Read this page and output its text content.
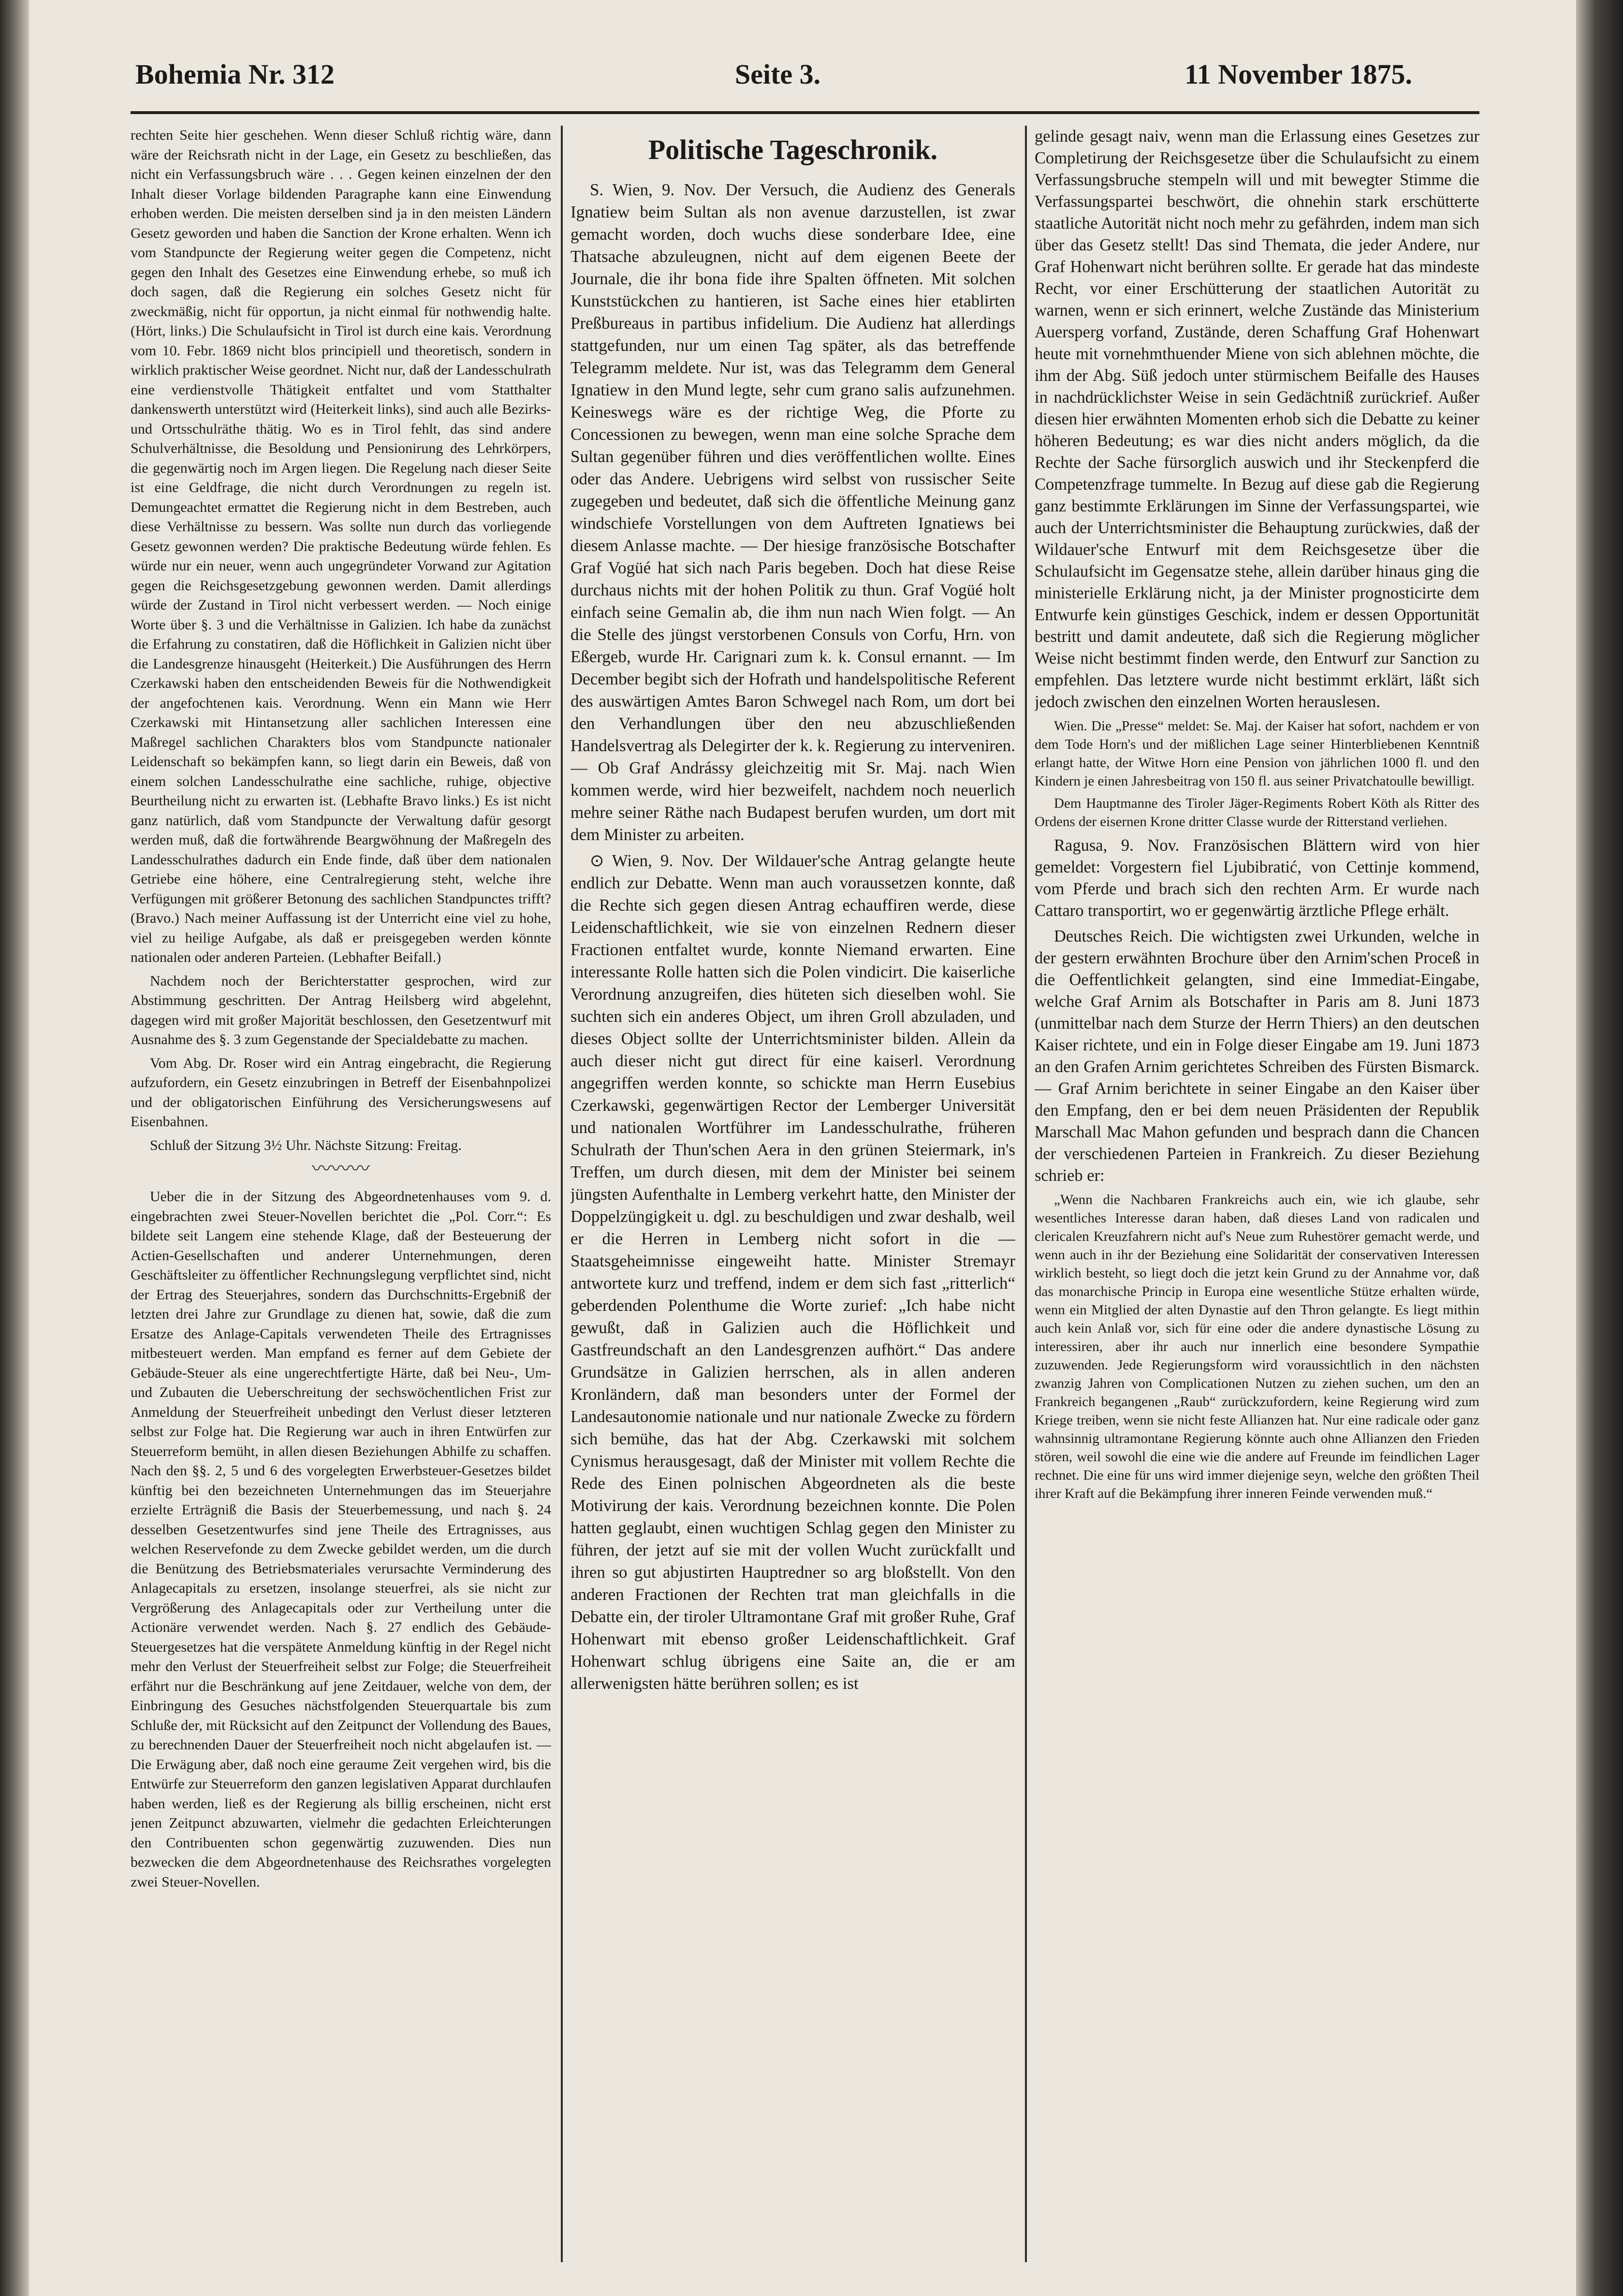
Bohemia Nr. 312	Seite 3.	11 November 1875.

rechten Seite hier geschehen. Wenn dieser Schluß richtig wäre, dann wäre der Reichsrath nicht in der Lage, ein Gesetz zu beschließen, das nicht ein Verfassungsbruch wäre . . . Gegen keinen einzelnen der den Inhalt dieser Vorlage bildenden Paragraphe kann eine Einwendung erhoben werden. Die meisten derselben sind ja in den meisten Ländern Gesetz geworden und haben die Sanction der Krone erhalten. Wenn ich vom Standpuncte der Regierung weiter gegen die Competenz, nicht gegen den Inhalt des Gesetzes eine Einwendung erhebe, so muß ich doch sagen, daß die Regierung ein solches Gesetz nicht für zweckmäßig, nicht für opportun, ja nicht einmal für nothwendig halte. (Hört, links.) Die Schulaufsicht in Tirol ist durch eine kais. Verordnung vom 10. Febr. 1869 nicht blos principiell und theoretisch, sondern in wirklich praktischer Weise geordnet. Nicht nur, daß der Landesschulrath eine verdienstvolle Thätigkeit entfaltet und vom Statthalter dankenswerth unterstützt wird (Heiterkeit links), sind auch alle Bezirks- und Ortsschulräthe thätig. Wo es in Tirol fehlt, das sind andere Schulverhältnisse, die Besoldung und Pensionirung des Lehrkörpers, die gegenwärtig noch im Argen liegen. Die Regelung nach dieser Seite ist eine Geldfrage, die nicht durch Verordnungen zu regeln ist. Demungeachtet ermattet die Regierung nicht in dem Bestreben, auch diese Verhältnisse zu bessern. Was sollte nun durch das vorliegende Gesetz gewonnen werden? Die praktische Bedeutung würde fehlen. Es würde nur ein neuer, wenn auch ungegründeter Vorwand zur Agitation gegen die Reichsgesetzgebung gewonnen werden. Damit allerdings würde der Zustand in Tirol nicht verbessert werden. — Noch einige Worte über §. 3 und die Verhältnisse in Galizien. Ich habe da zunächst die Erfahrung zu constatiren, daß die Höflichkeit in Galizien nicht über die Landesgrenze hinausgeht (Heiterkeit.) Die Ausführungen des Herrn Czerkawski haben den entscheidenden Beweis für die Nothwendigkeit der angefochtenen kais. Verordnung. Wenn ein Mann wie Herr Czerkawski mit Hintansetzung aller sachlichen Interessen eine Maßregel sachlichen Charakters blos vom Standpuncte nationaler Leidenschaft so bekämpfen kann, so liegt darin ein Beweis, daß von einem solchen Landesschulrathe eine sachliche, ruhige, objective Beurtheilung nicht zu erwarten ist. (Lebhafte Bravo links.) Es ist nicht ganz natürlich, daß vom Standpuncte der Verwaltung dafür gesorgt werden muß, daß die fortwährende Beargwöhnung der Maßregeln des Landesschulrathes dadurch ein Ende finde, daß über dem nationalen Getriebe eine höhere, eine Centralregierung steht, welche ihre Verfügungen mit größerer Betonung des sachlichen Standpunctes trifft? (Bravo.) Nach meiner Auffassung ist der Unterricht eine viel zu hohe, viel zu heilige Aufgabe, als daß er preisgegeben werden könnte nationalen oder anderen Parteien. (Lebhafter Beifall.)

Nachdem noch der Berichterstatter gesprochen, wird zur Abstimmung geschritten. Der Antrag Heilsberg wird abgelehnt, dagegen wird mit großer Majorität beschlossen, den Gesetzentwurf mit Ausnahme des §. 3 zum Gegenstande der Specialdebatte zu machen.

Vom Abg. Dr. Roser wird ein Antrag eingebracht, die Regierung aufzufordern, ein Gesetz einzubringen in Betreff der Eisenbahnpolizei und der obligatorischen Einführung des Versicherungswesens auf Eisenbahnen.

Schluß der Sitzung 3½ Uhr. Nächste Sitzung: Freitag.

〰〰〰

Ueber die in der Sitzung des Abgeordnetenhauses vom 9. d. eingebrachten zwei Steuer-Novellen berichtet die „Pol. Corr.“: Es bildete seit Langem eine stehende Klage, daß der Besteuerung der Actien-Gesellschaften und anderer Unternehmungen, deren Geschäftsleiter zu öffentlicher Rechnungslegung verpflichtet sind, nicht der Ertrag des Steuerjahres, sondern das Durchschnitts-Ergebniß der letzten drei Jahre zur Grundlage zu dienen hat, sowie, daß die zum Ersatze des Anlage-Capitals verwendeten Theile des Ertragnisses mitbesteuert werden. Man empfand es ferner auf dem Gebiete der Gebäude-Steuer als eine ungerechtfertigte Härte, daß bei Neu-, Um- und Zubauten die Ueberschreitung der sechswöchentlichen Frist zur Anmeldung der Steuerfreiheit unbedingt den Verlust dieser letzteren selbst zur Folge hat. Die Regierung war auch in ihren Entwürfen zur Steuerreform bemüht, in allen diesen Beziehungen Abhilfe zu schaffen. Nach den §§. 2, 5 und 6 des vorgelegten Erwerbsteuer-Gesetzes bildet künftig bei den bezeichneten Unternehmungen das im Steuerjahre erzielte Erträgniß die Basis der Steuerbemessung, und nach §. 24 desselben Gesetzentwurfes sind jene Theile des Ertragnisses, aus welchen Reservefonde zu dem Zwecke gebildet werden, um die durch die Benützung des Betriebsmateriales verursachte Verminderung des Anlagecapitals zu ersetzen, insolange steuerfrei, als sie nicht zur Vergrößerung des Anlagecapitals oder zur Vertheilung unter die Actionäre verwendet werden. Nach §. 27 endlich des Gebäude-Steuergesetzes hat die verspätete Anmeldung künftig in der Regel nicht mehr den Verlust der Steuerfreiheit selbst zur Folge; die Steuerfreiheit erfährt nur die Beschränkung auf jene Zeitdauer, welche von dem, der Einbringung des Gesuches nächstfolgenden Steuerquartale bis zum Schluße der, mit Rücksicht auf den Zeitpunct der Vollendung des Baues, zu berechnenden Dauer der Steuerfreiheit noch nicht abgelaufen ist. — Die Erwägung aber, daß noch eine geraume Zeit vergehen wird, bis die Entwürfe zur Steuerreform den ganzen legislativen Apparat durchlaufen haben werden, ließ es der Regierung als billig erscheinen, nicht erst jenen Zeitpunct abzuwarten, vielmehr die gedachten Erleichterungen den Contribuenten schon gegenwärtig zuzuwenden. Dies nun bezwecken die dem Abgeordnetenhause des Reichsrathes vorgelegten zwei Steuer-Novellen.

Politische Tageschronik.

S. Wien, 9. Nov. Der Versuch, die Audienz des Generals Ignatiew beim Sultan als non avenue darzustellen, ist zwar gemacht worden, doch wuchs diese sonderbare Idee, eine Thatsache abzuleugnen, nicht auf dem eigenen Beete der Journale, die ihr bona fide ihre Spalten öffneten. Mit solchen Kunststückchen zu hantieren, ist Sache eines hier etablirten Preßbureaus in partibus infidelium. Die Audienz hat allerdings stattgefunden, nur um einen Tag später, als das betreffende Telegramm meldete. Nur ist, was das Telegramm dem General Ignatiew in den Mund legte, sehr cum grano salis aufzunehmen. Keineswegs wäre es der richtige Weg, die Pforte zu Concessionen zu bewegen, wenn man eine solche Sprache dem Sultan gegenüber führen und dies veröffentlichen wollte. Eines oder das Andere. Uebrigens wird selbst von russischer Seite zugegeben und bedeutet, daß sich die öffentliche Meinung ganz windschiefe Vorstellungen von dem Auftreten Ignatiews bei diesem Anlasse machte. — Der hiesige französische Botschafter Graf Vogüé hat sich nach Paris begeben. Doch hat diese Reise durchaus nichts mit der hohen Politik zu thun. Graf Vogüé holt einfach seine Gemalin ab, die ihm nun nach Wien folgt. — An die Stelle des jüngst verstorbenen Consuls von Corfu, Hrn. von Eßergeb, wurde Hr. Carignari zum k. k. Consul ernannt. — Im December begibt sich der Hofrath und handelspolitische Referent des auswärtigen Amtes Baron Schwegel nach Rom, um dort bei den Verhandlungen über den neu abzuschließenden Handelsvertrag als Delegirter der k. k. Regierung zu interveniren. — Ob Graf Andrássy gleichzeitig mit Sr. Maj. nach Wien kommen werde, wird hier bezweifelt, nachdem noch neuerlich mehre seiner Räthe nach Budapest berufen wurden, um dort mit dem Minister zu arbeiten.

⊙ Wien, 9. Nov. Der Wildauer'sche Antrag gelangte heute endlich zur Debatte. Wenn man auch voraussetzen konnte, daß die Rechte sich gegen diesen Antrag echauffiren werde, diese Leidenschaftlichkeit, wie sie von einzelnen Rednern dieser Fractionen entfaltet wurde, konnte Niemand erwarten. Eine interessante Rolle hatten sich die Polen vindicirt. Die kaiserliche Verordnung anzugreifen, dies hüteten sich dieselben wohl. Sie suchten sich ein anderes Object, um ihren Groll abzuladen, und dieses Object sollte der Unterrichtsminister bilden. Allein da auch dieser nicht gut direct für eine kaiserl. Verordnung angegriffen werden konnte, so schickte man Herrn Eusebius Czerkawski, gegenwärtigen Rector der Lemberger Universität und nationalen Wortführer im Landesschulrathe, früheren Schulrath der Thun'schen Aera in den grünen Steiermark, in's Treffen, um durch diesen, mit dem der Minister bei seinem jüngsten Aufenthalte in Lemberg verkehrt hatte, den Minister der Doppelzüngigkeit u. dgl. zu beschuldigen und zwar deshalb, weil er die Herren in Lemberg nicht sofort in die — Staatsgeheimnisse eingeweiht hatte. Minister Stremayr antwortete kurz und treffend, indem er dem sich fast „ritterlich“ geberdenden Polenthume die Worte zurief: „Ich habe nicht gewußt, daß in Galizien auch die Höflichkeit und Gastfreundschaft an den Landesgrenzen aufhört.“ Das andere Grundsätze in Galizien herrschen, als in allen anderen Kronländern, daß man besonders unter der Formel der Landesautonomie nationale und nur nationale Zwecke zu fördern sich bemühe, das hat der Abg. Czerkawski mit solchem Cynismus herausgesagt, daß der Minister mit vollem Rechte die Rede des Einen polnischen Abgeordneten als die beste Motivirung der kais. Verordnung bezeichnen konnte. Die Polen hatten geglaubt, einen wuchtigen Schlag gegen den Minister zu führen, der jetzt auf sie mit der vollen Wucht zurückfallt und ihren so gut abjustirten Hauptredner so arg bloßstellt. Von den anderen Fractionen der Rechten trat man gleichfalls in die Debatte ein, der tiroler Ultramontane Graf mit großer Ruhe, Graf Hohenwart mit ebenso großer Leidenschaftlichkeit. Graf Hohenwart schlug übrigens eine Saite an, die er am allerwenigsten hätte berühren sollen; es ist

gelinde gesagt naiv, wenn man die Erlassung eines Gesetzes zur Completirung der Reichsgesetze über die Schulaufsicht zu einem Verfassungsbruche stempeln will und mit bewegter Stimme die Verfassungspartei beschwört, die ohnehin stark erschütterte staatliche Autorität nicht noch mehr zu gefährden, indem man sich über das Gesetz stellt! Das sind Themata, die jeder Andere, nur Graf Hohenwart nicht berühren sollte. Er gerade hat das mindeste Recht, vor einer Erschütterung der staatlichen Autorität zu warnen, wenn er sich erinnert, welche Zustände das Ministerium Auersperg vorfand, Zustände, deren Schaffung Graf Hohenwart heute mit vornehmthuender Miene von sich ablehnen möchte, die ihm der Abg. Süß jedoch unter stürmischem Beifalle des Hauses in nachdrücklichster Weise in sein Gedächtniß zurückrief. Außer diesen hier erwähnten Momenten erhob sich die Debatte zu keiner höheren Bedeutung; es war dies nicht anders möglich, da die Rechte der Sache fürsorglich auswich und ihr Steckenpferd die Competenzfrage tummelte. In Bezug auf diese gab die Regierung ganz bestimmte Erklärungen im Sinne der Verfassungspartei, wie auch der Unterrichtsminister die Behauptung zurückwies, daß der Wildauer'sche Entwurf mit dem Reichsgesetze über die Schulaufsicht im Gegensatze stehe, allein darüber hinaus ging die ministerielle Erklärung nicht, ja der Minister prognosticirte dem Entwurfe kein günstiges Geschick, indem er dessen Opportunität bestritt und damit andeutete, daß sich die Regierung möglicher Weise nicht bestimmt finden werde, den Entwurf zur Sanction zu empfehlen. Das letztere wurde nicht bestimmt erklärt, läßt sich jedoch zwischen den einzelnen Worten herauslesen.

Wien. Die „Presse“ meldet: Se. Maj. der Kaiser hat sofort, nachdem er von dem Tode Horn's und der mißlichen Lage seiner Hinterbliebenen Kenntniß erlangt hatte, der Witwe Horn eine Pension von jährlichen 1000 fl. und den Kindern je einen Jahresbeitrag von 150 fl. aus seiner Privatchatoulle bewilligt.

Dem Hauptmanne des Tiroler Jäger-Regiments Robert Köth als Ritter des Ordens der eisernen Krone dritter Classe wurde der Ritterstand verliehen.

Ragusa, 9. Nov. Französischen Blättern wird von hier gemeldet: Vorgestern fiel Ljubibratić, von Cettinje kommend, vom Pferde und brach sich den rechten Arm. Er wurde nach Cattaro transportirt, wo er gegenwärtig ärztliche Pflege erhält.

Deutsches Reich. Die wichtigsten zwei Urkunden, welche in der gestern erwähnten Brochure über den Arnim'schen Proceß in die Oeffentlichkeit gelangten, sind eine Immediat-Eingabe, welche Graf Arnim als Botschafter in Paris am 8. Juni 1873 (unmittelbar nach dem Sturze der Herrn Thiers) an den deutschen Kaiser richtete, und ein in Folge dieser Eingabe am 19. Juni 1873 an den Grafen Arnim gerichtetes Schreiben des Fürsten Bismarck. — Graf Arnim berichtete in seiner Eingabe an den Kaiser über den Empfang, den er bei dem neuen Präsidenten der Republik Marschall Mac Mahon gefunden und besprach dann die Chancen der verschiedenen Parteien in Frankreich. Zu dieser Beziehung schrieb er:

„Wenn die Nachbaren Frankreichs auch ein, wie ich glaube, sehr wesentliches Interesse daran haben, daß dieses Land von radicalen und clericalen Kreuzfahrern nicht auf's Neue zum Ruhestörer gemacht werde, und wenn auch in ihr der Beziehung eine Solidarität der conservativen Interessen wirklich besteht, so liegt doch die jetzt kein Grund zu der Annahme vor, daß das monarchische Princip in Europa eine wesentliche Stütze erhalten würde, wenn ein Mitglied der alten Dynastie auf den Thron gelangte. Es liegt mithin auch kein Anlaß vor, sich für eine oder die andere dynastische Lösung zu interessiren, aber ihr auch nur innerlich eine besondere Sympathie zuzuwenden. Jede Regierungsform wird voraussichtlich in den nächsten zwanzig Jahren von Complicationen Nutzen zu ziehen suchen, um den an Frankreich begangenen „Raub“ zurückzufordern, keine Regierung wird zum Kriege treiben, wenn sie nicht feste Allianzen hat. Nur eine radicale oder ganz wahnsinnig ultramontane Regierung könnte auch ohne Allianzen den Frieden stören, weil sowohl die eine wie die andere auf Freunde im feindlichen Lager rechnet. Die eine für uns wird immer diejenige seyn, welche den größten Theil ihrer Kraft auf die Bekämpfung ihrer inneren Feinde verwenden muß.“
